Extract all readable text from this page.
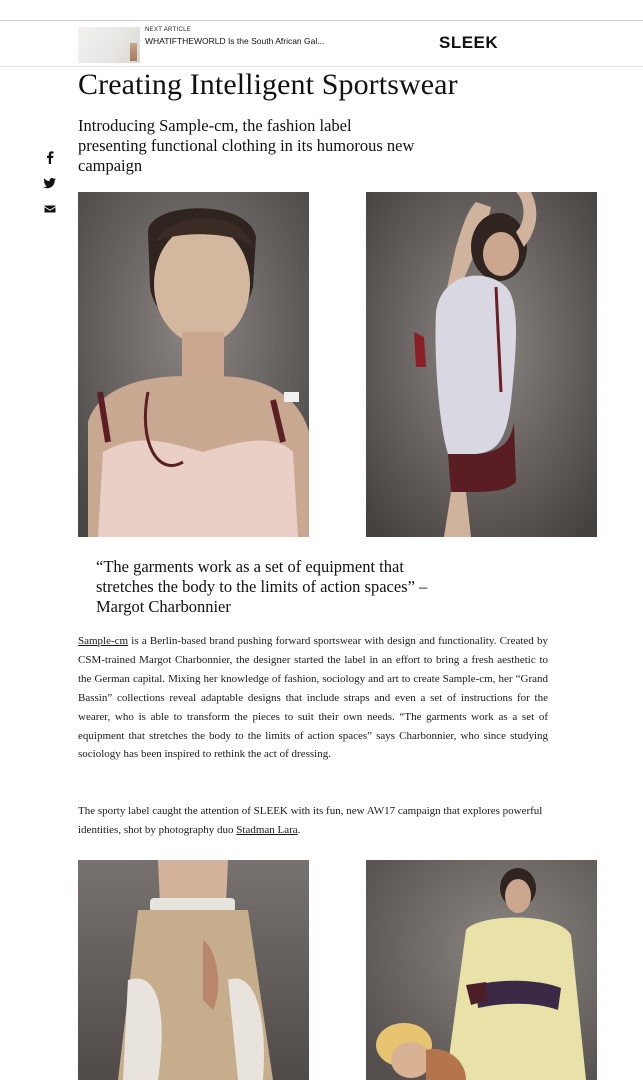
NEXT ARTICLE
WHATIFTHEWORLD Is the South African Gal...	SLEEK
Creating Intelligent Sportswear
Introducing Sample-cm, the fashion label presenting functional clothing in its humorous new campaign

“The garments work as a set of equipment that stretches the body to the limits of action spaces” – Margot Charbonnier

Sample-cm is a Berlin-based brand pushing forward sportswear with design and functionality. Created by CSM-trained Margot Charbonnier, the designer started the label in an effort to bring a fresh aesthetic to the German capital. Mixing her knowledge of fashion, sociology and art to create Sample-cm, her “Grand Bassin” collections reveal adaptable designs that include straps and even a set of instructions for the wearer, who is able to transform the pieces to suit their own needs. “The garments work as a set of equipment that stretches the body to the limits of action spaces” says Charbonnier, who since studying sociology has been inspired to rethink the act of dressing.

The sporty label caught the attention of SLEEK with its fun, new AW17 campaign that explores powerful identities, shot by photography duo Stadman Lara.
